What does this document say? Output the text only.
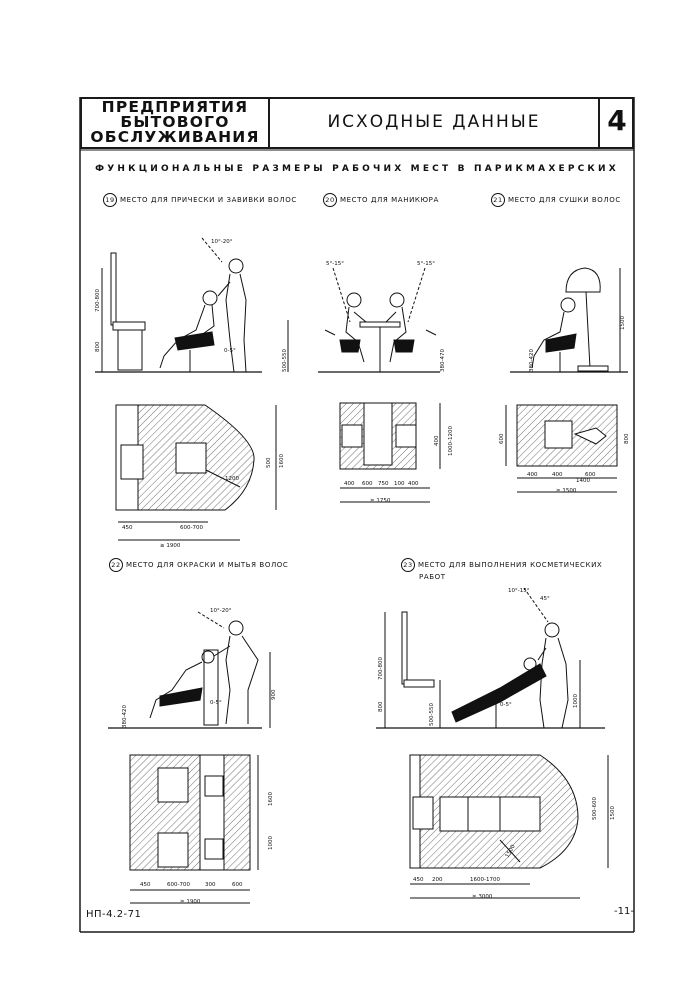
ПРЕДПРИЯТИЯ
БЫТОВОГО
ОБСЛУЖИВАНИЯ
ИСХОДНЫЕ ДАННЫЕ	4
ФУНКЦИОНАЛЬНЫЕ РАЗМЕРЫ РАБОЧИХ МЕСТ В ПАРИКМАХЕРСКИХ
19 МЕСТО ДЛЯ ПРИЧЕСКИ И ЗАВИВКИ ВОЛОС	20 МЕСТО ДЛЯ МАНИКЮРА	21 МЕСТО ДЛЯ СУШКИ ВОЛОС
22 МЕСТО ДЛЯ ОКРАСКИ И МЫТЬЯ ВОЛОС	23 МЕСТО ДЛЯ ВЫПОЛНЕНИЯ КОСМЕТИЧЕСКИХ
РАБОТ
10°-20°
700-800
800
500-550
0-5°
450	600-700
≥ 1900
500 1600
1200
5°-15°	5°-15°
380-470
400 600 750 100 400
≥ 1750
400 1000-1200
380-420
1500
400	400	600
1400
≥ 1500
600	800
10°-20°
380-420
900
0-5°
450	600-700	300	600
≥ 1900
1600
1000
10°-15°
45°
700-800
800	500-550	0-5°	1000
450 200	1600-1700
≥ 3000
500-600 1500
1500
НП-4.2-71	-11-
